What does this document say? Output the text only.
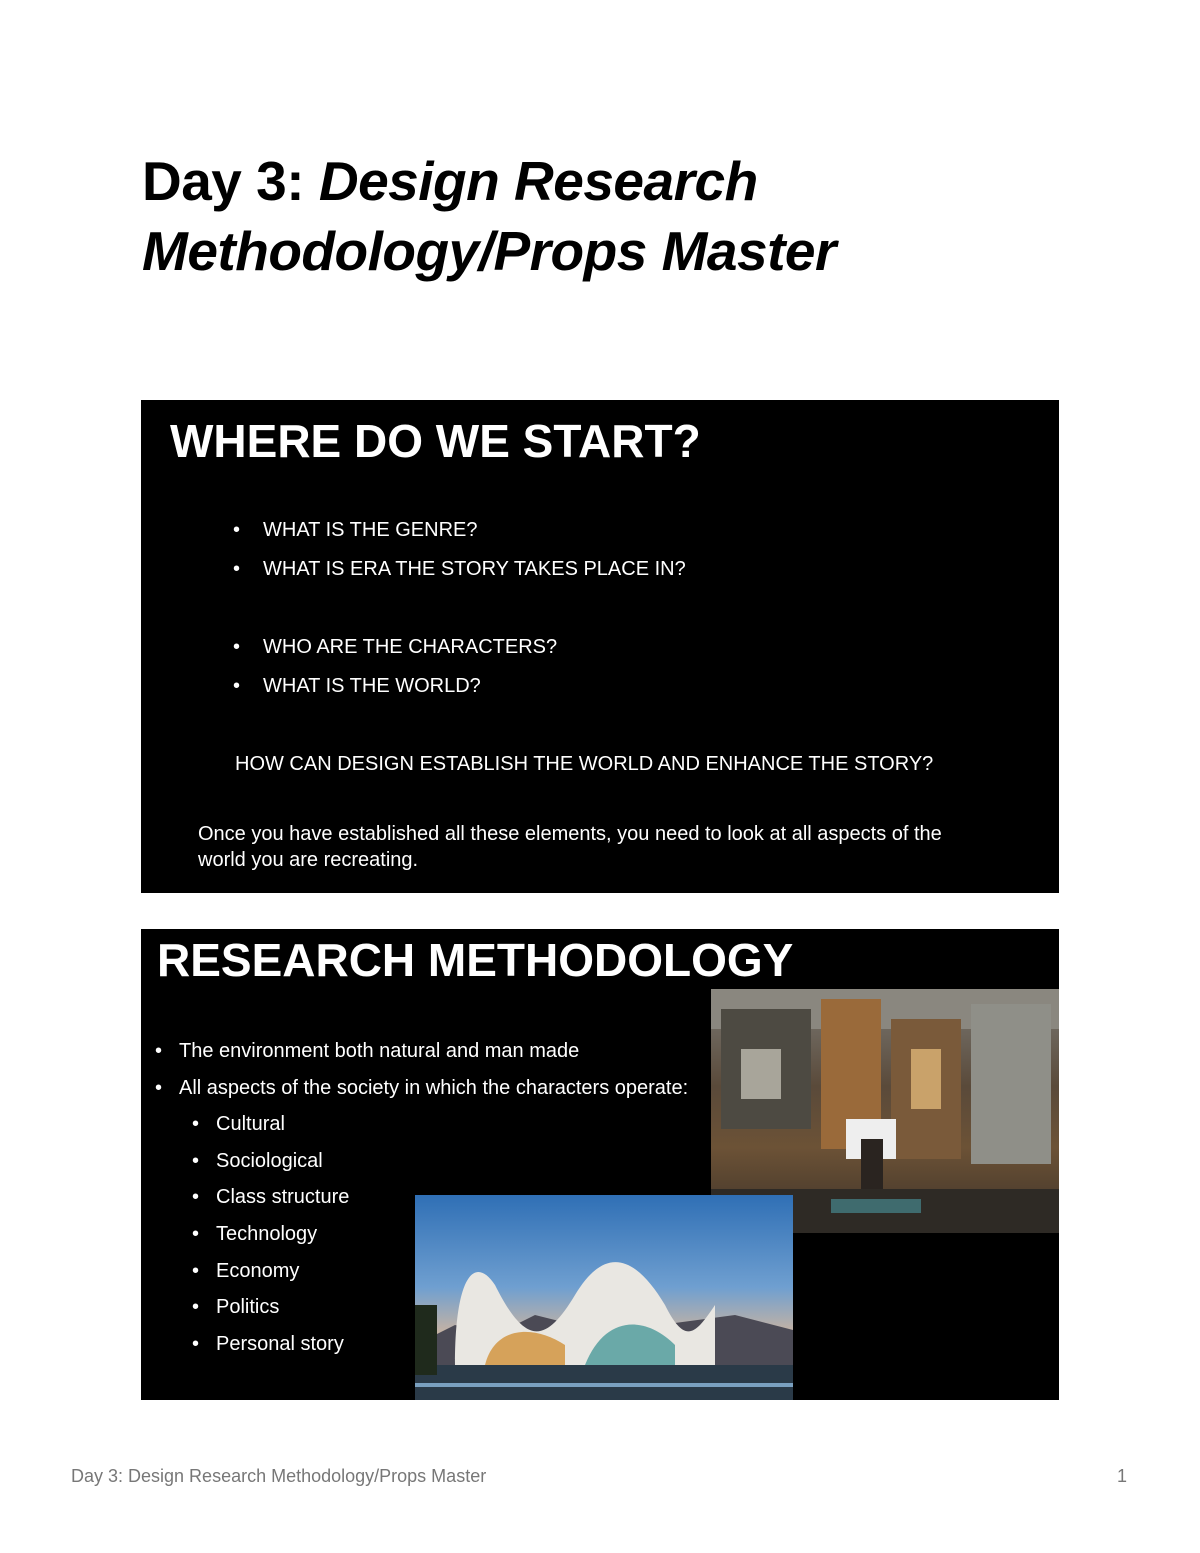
Day 3: Design Research
Methodology/Props Master
WHERE DO WE START?
• WHAT IS THE GENRE?
• WHAT IS ERA THE STORY TAKES PLACE IN?
• WHO ARE THE CHARACTERS?
• WHAT IS THE WORLD?
HOW CAN DESIGN ESTABLISH THE WORLD AND ENHANCE THE STORY?
Once you have established all these elements, you need to look at all aspects of the
world you are recreating.
RESEARCH METHODOLOGY
• The environment both natural and man made
• All aspects of the society in which the characters operate:
• Cultural
• Sociological
• Class structure
• Technology
• Economy
• Politics
• Personal story
Day 3: Design Research Methodology/Props Master	1
